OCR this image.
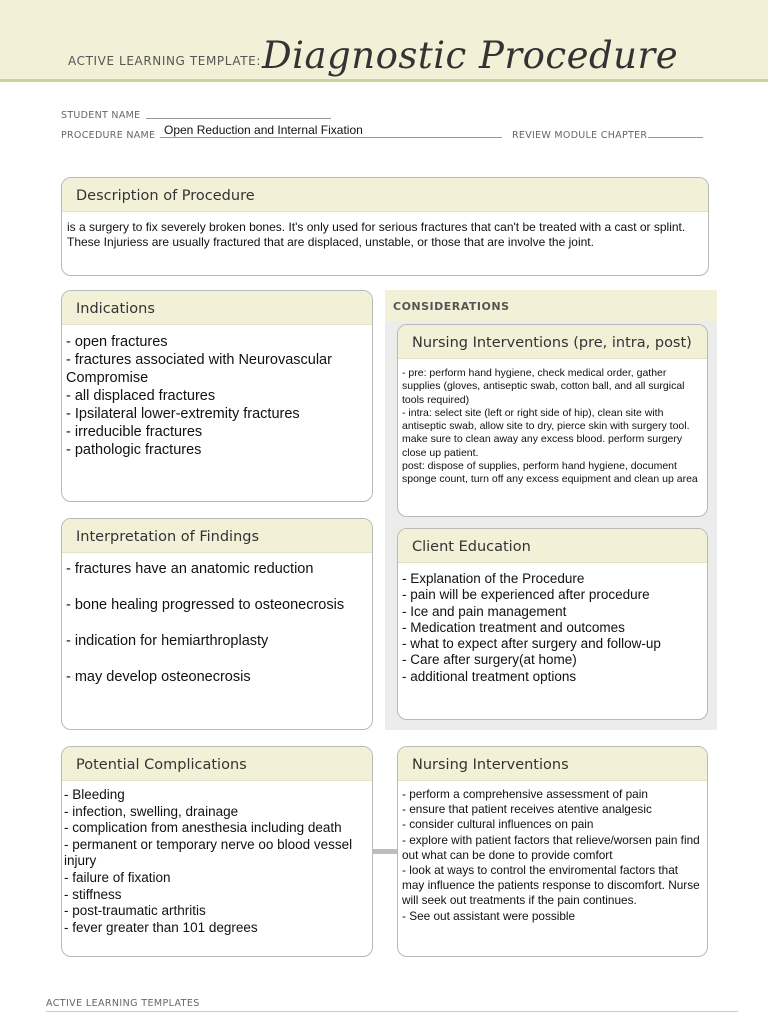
ACTIVE LEARNING TEMPLATE: Diagnostic Procedure
STUDENT NAME
PROCEDURE NAME Open Reduction and Internal Fixation	REVIEW MODULE CHAPTER
Description of Procedure
is a surgery to fix severely broken bones. It's only used for serious fractures that can't be treated with a cast or splint. These Injuriess are usually fractured that are displaced, unstable, or those that are involve the joint.
Indications
- open fractures
- fractures associated with Neurovascular Compromise
- all displaced fractures
- Ipsilateral lower-extremity fractures
- irreducible fractures
- pathologic fractures
CONSIDERATIONS
Nursing Interventions (pre, intra, post)
- pre: perform hand hygiene, check medical order, gather supplies (gloves, antiseptic swab, cotton ball, and all surgical tools required)
- intra: select site (left or right side of hip), clean site with antiseptic swab, allow site to dry, pierce skin with surgery tool. make sure to clean away any excess blood. perform surgery close up patient.
post: dispose of supplies, perform hand hygiene, document sponge count, turn off any excess equipment and clean up area
Client Education
- Explanation of the Procedure
- pain will be experienced after procedure
- Ice and pain management
- Medication treatment and outcomes
- what to expect after surgery and follow-up
- Care after surgery(at home)
- additional treatment options
Interpretation of Findings
- fractures have an anatomic reduction
- bone healing progressed to osteonecrosis
- indication for hemiarthroplasty
- may develop osteonecrosis
Potential Complications
- Bleeding
- infection, swelling, drainage
- complication from anesthesia including death
- permanent or temporary nerve oo blood vessel injury
- failure of fixation
- stiffness
- post-traumatic arthritis
- fever greater than 101 degrees
Nursing Interventions
- perform a comprehensive assessment of pain
- ensure that patient receives atentive analgesic
- consider cultural influences on pain
- explore with patient factors that relieve/worsen pain find out what can be done to provide comfort
- look at ways to control the enviromental factors that may influence the patients response to discomfort. Nurse will seek out treatments if the pain continues.
- See out assistant were possible
ACTIVE LEARNING TEMPLATES
